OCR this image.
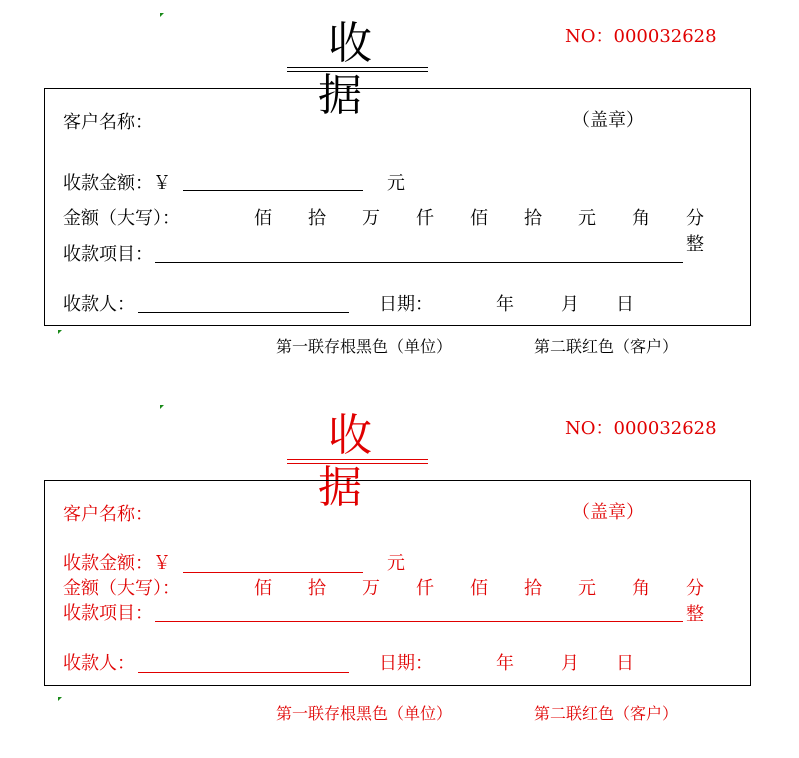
收据
NO：000032628
客户名称：	（盖章）
收款金额：￥	元
金额（大写）：	佰 拾 万 仟 佰 拾 元 角 分整
收款项目：
收款人：	日期：	年	月 日
第一联存根黑色（单位）	第二联红色（客户）
收据
NO：000032628
客户名称：	（盖章）
收款金额：￥	元
金额（大写）：	佰 拾 万 仟 佰 拾 元 角 分整
收款项目：
收款人：	日期：	年	月 日
第一联存根黑色（单位）	第二联红色（客户）
